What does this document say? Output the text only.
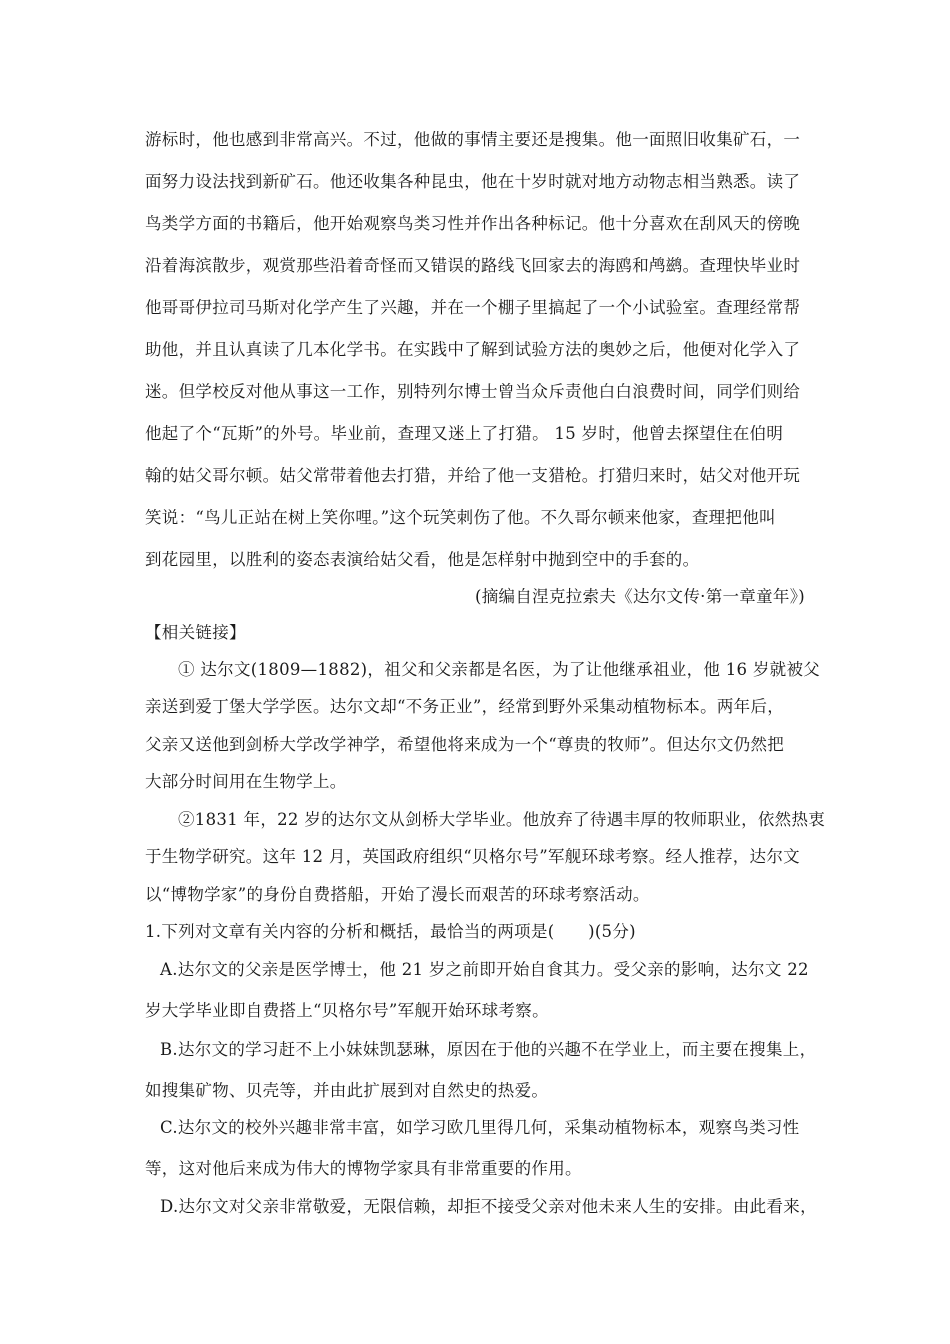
游标时，他也感到非常高兴。不过，他做的事情主要还是搜集。他一面照旧收集矿石，一
面努力设法找到新矿石。他还收集各种昆虫，他在十岁时就对地方动物志相当熟悉。读了
鸟类学方面的书籍后，他开始观察鸟类习性并作出各种标记。他十分喜欢在刮风天的傍晚
沿着海滨散步，观赏那些沿着奇怪而又错误的路线飞回家去的海鸥和鸬鹚。查理快毕业时
他哥哥伊拉司马斯对化学产生了兴趣，并在一个棚子里搞起了一个小试验室。查理经常帮
助他，并且认真读了几本化学书。在实践中了解到试验方法的奥妙之后，他便对化学入了
迷。但学校反对他从事这一工作，别特列尔博士曾当众斥责他白白浪费时间，同学们则给
他起了个“瓦斯”的外号。毕业前，查理又迷上了打猎。 15 岁时，他曾去探望住在伯明
翰的姑父哥尔顿。姑父常带着他去打猎，并给了他一支猎枪。打猎归来时，姑父对他开玩
笑说：“鸟儿正站在树上笑你哩。”这个玩笑刺伤了他。不久哥尔顿来他家，查理把他叫
到花园里，以胜利的姿态表演给姑父看，他是怎样射中抛到空中的手套的。
(摘编自涅克拉索夫《达尔文传·第一章童年》)
【相关链接】
① 达尔文(1809—1882)，祖父和父亲都是名医，为了让他继承祖业，他 16 岁就被父
亲送到爱丁堡大学学医。达尔文却“不务正业”，经常到野外采集动植物标本。两年后，
父亲又送他到剑桥大学改学神学，希望他将来成为一个“尊贵的牧师”。但达尔文仍然把
大部分时间用在生物学上。
②1831 年，22 岁的达尔文从剑桥大学毕业。他放弃了待遇丰厚的牧师职业，依然热衷
于生物学研究。这年 12 月，英国政府组织“贝格尔号”军舰环球考察。经人推荐，达尔文
以“博物学家”的身份自费搭船，开始了漫长而艰苦的环球考察活动。
1.下列对文章有关内容的分析和概括，最恰当的两项是(　　)(5分)
A.达尔文的父亲是医学博士，他 21 岁之前即开始自食其力。受父亲的影响，达尔文 22
岁大学毕业即自费搭上“贝格尔号”军舰开始环球考察。
B.达尔文的学习赶不上小妹妹凯瑟琳，原因在于他的兴趣不在学业上，而主要在搜集上，
如搜集矿物、贝壳等，并由此扩展到对自然史的热爱。
C.达尔文的校外兴趣非常丰富，如学习欧几里得几何，采集动植物标本，观察鸟类习性
等，这对他后来成为伟大的博物学家具有非常重要的作用。
D.达尔文对父亲非常敬爱，无限信赖，却拒不接受父亲对他未来人生的安排。由此看来，
